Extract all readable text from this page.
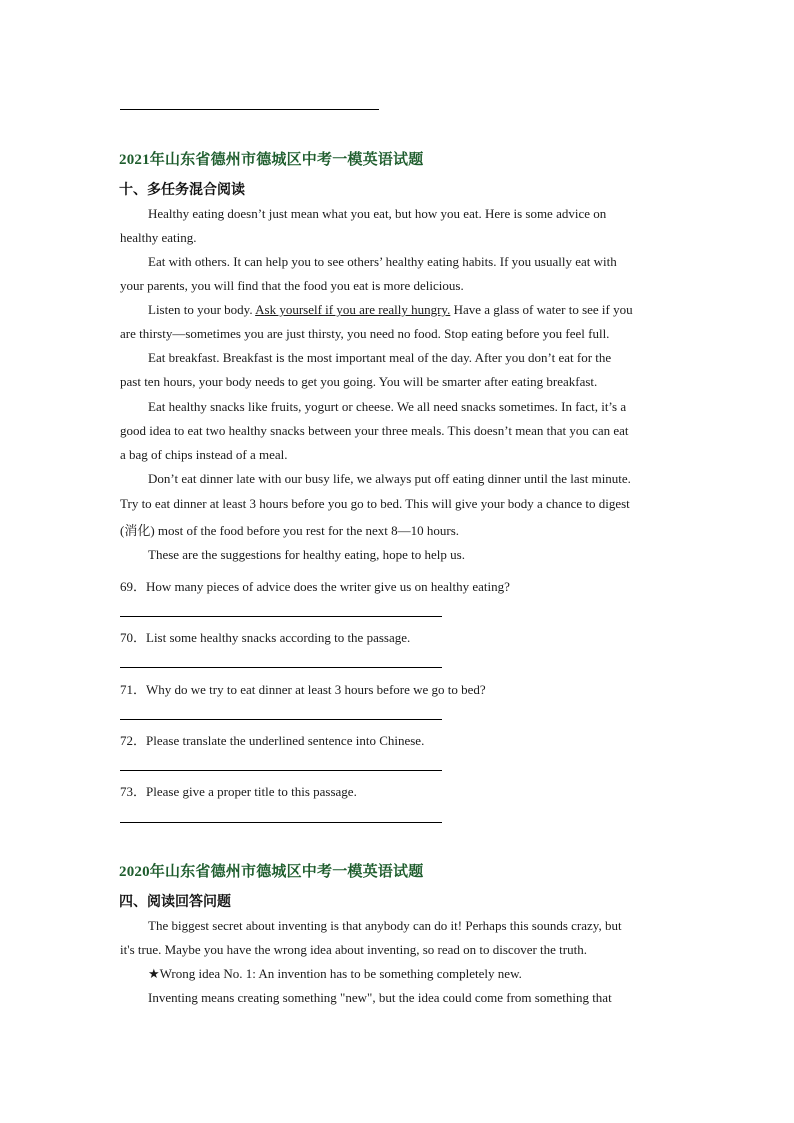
2021年山东省德州市德城区中考一模英语试题
十、多任务混合阅读
Healthy eating doesn’t just mean what you eat, but how you eat. Here is some advice on
healthy eating.
Eat with others. It can help you to see others’ healthy eating habits. If you usually eat with
your parents, you will find that the food you eat is more delicious.
Listen to your body. Ask yourself if you are really hungry. Have a glass of water to see if you
are thirsty—sometimes you are just thirsty, you need no food. Stop eating before you feel full.
Eat breakfast. Breakfast is the most important meal of the day. After you don’t eat for the
past ten hours, your body needs to get you going. You will be smarter after eating breakfast.
Eat healthy snacks like fruits, yogurt or cheese. We all need snacks sometimes. In fact, it’s a
good idea to eat two healthy snacks between your three meals. This doesn’t mean that you can eat
a bag of chips instead of a meal.
Don’t eat dinner late with our busy life, we always put off eating dinner until the last minute.
Try to eat dinner at least 3 hours before you go to bed. This will give your body a chance to digest
(消化) most of the food before you rest for the next 8—10 hours.
These are the suggestions for healthy eating, hope to help us.
69．How many pieces of advice does the writer give us on healthy eating?
70．List some healthy snacks according to the passage.
71．Why do we try to eat dinner at least 3 hours before we go to bed?
72．Please translate the underlined sentence into Chinese.
73．Please give a proper title to this passage.
2020年山东省德州市德城区中考一模英语试题
四、阅读回答问题
The biggest secret about inventing is that anybody can do it! Perhaps this sounds crazy, but
it's true. Maybe you have the wrong idea about inventing, so read on to discover the truth.
★Wrong idea No. 1: An invention has to be something completely new.
Inventing means creating something "new", but the idea could come from something that
